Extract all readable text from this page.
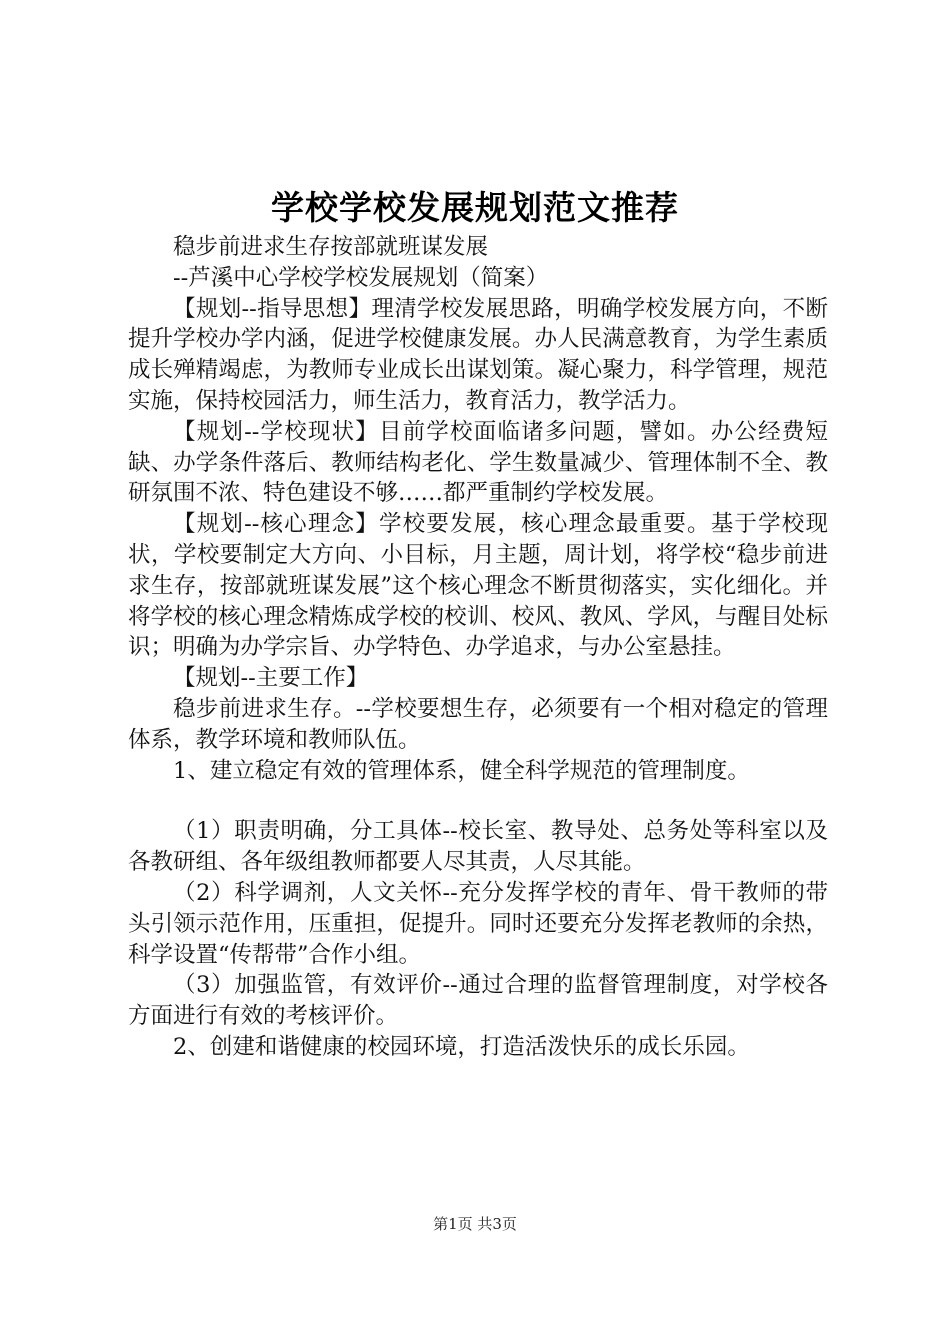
学校学校发展规划范文推荐

稳步前进求生存按部就班谋发展

--芦溪中心学校学校发展规划（简案）

【规划--指导思想】理清学校发展思路，明确学校发展方向，不断提升学校办学内涵，促进学校健康发展。办人民满意教育，为学生素质成长殚精竭虑，为教师专业成长出谋划策。凝心聚力，科学管理，规范实施，保持校园活力，师生活力，教育活力，教学活力。

【规划--学校现状】目前学校面临诸多问题，譬如。办公经费短缺、办学条件落后、教师结构老化、学生数量减少、管理体制不全、教研氛围不浓、特色建设不够……都严重制约学校发展。

【规划--核心理念】学校要发展，核心理念最重要。基于学校现状，学校要制定大方向、小目标，月主题，周计划，将学校“稳步前进求生存，按部就班谋发展”这个核心理念不断贯彻落实，实化细化。并将学校的核心理念精炼成学校的校训、校风、教风、学风，与醒目处标识；明确为办学宗旨、办学特色、办学追求，与办公室悬挂。

【规划--主要工作】

稳步前进求生存。--学校要想生存，必须要有一个相对稳定的管理体系，教学环境和教师队伍。

1、建立稳定有效的管理体系，健全科学规范的管理制度。

（1）职责明确，分工具体--校长室、教导处、总务处等科室以及各教研组、各年级组教师都要人尽其责，人尽其能。

（2）科学调剂，人文关怀--充分发挥学校的青年、骨干教师的带头引领示范作用，压重担，促提升。同时还要充分发挥老教师的余热，科学设置“传帮带”合作小组。

（3）加强监管，有效评价--通过合理的监督管理制度，对学校各方面进行有效的考核评价。

2、创建和谐健康的校园环境，打造活泼快乐的成长乐园。

第1页 共3页
